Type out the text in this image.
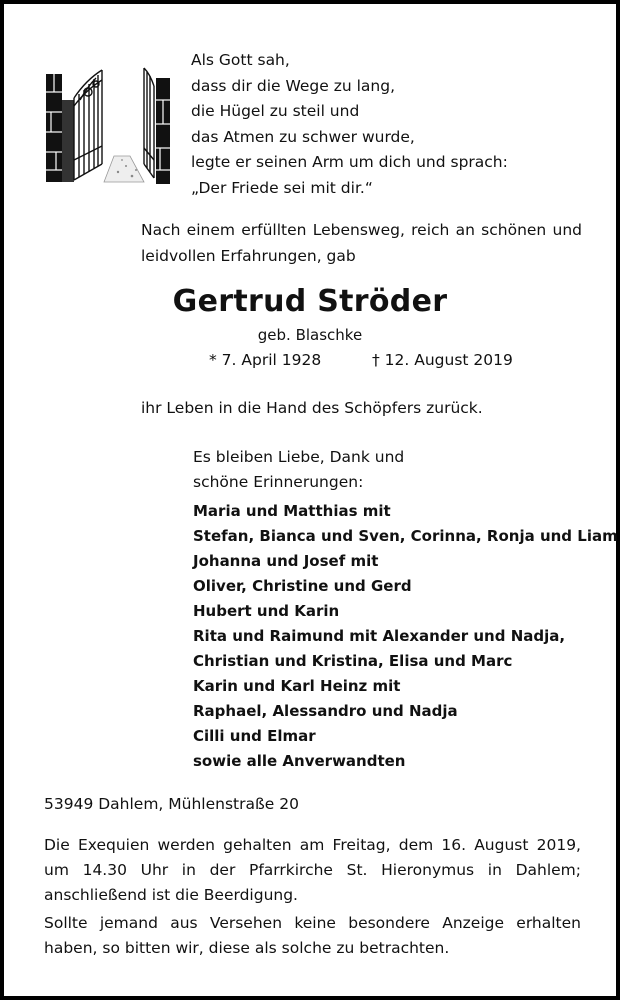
Als Gott sah,
dass dir die Wege zu lang,
die Hügel zu steil und
das Atmen zu schwer wurde,
legte er seinen Arm um dich und sprach:
„Der Friede sei mit dir.“
Nach einem erfüllten Lebensweg, reich an schönen und leidvollen Erfahrungen, gab
Gertrud Ströder
geb. Blaschke
* 7. April 1928	† 12. August 2019
ihr Leben in die Hand des Schöpfers zurück.
Es bleiben Liebe, Dank und
schöne Erinnerungen:
Maria und Matthias mit
Stefan, Bianca und Sven, Corinna, Ronja und Liam
Johanna und Josef mit
Oliver, Christine und Gerd
Hubert und Karin
Rita und Raimund mit Alexander und Nadja,
Christian und Kristina, Elisa und Marc
Karin und Karl Heinz mit
Raphael, Alessandro und Nadja
Cilli und Elmar
sowie alle Anverwandten
53949 Dahlem, Mühlenstraße 20
Die Exequien werden gehalten am Freitag, dem 16. August 2019, um 14.30 Uhr in der Pfarrkirche St. Hieronymus in Dahlem; anschließend ist die Beerdigung.
Sollte jemand aus Versehen keine besondere Anzeige erhalten haben, so bitten wir, diese als solche zu betrachten.
